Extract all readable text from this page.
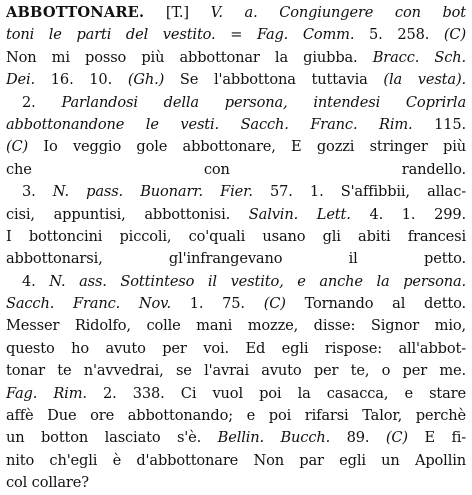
ABBOTTONARE. [T.] V. a. Congiungere con bot
toni le parti del vestito. = Fag. Comm. 5. 258. (C)
Non mi posso più abbottonar la giubba. Bracc. Sch.
Dei. 16. 10. (Gh.) Se l'abbottona tuttavia (la vesta).
2. Parlandosi della persona, intendesi Coprirla
abbottonandone le vesti. Sacch. Franc. Rim. 115.
(C) Io veggio gole abbottonare, E gozzi stringer più
che con randello.
3. N. pass. Buonarr. Fier. 57. 1. S'affibbii, allac-
cisi, appuntisi, abbottonisi. Salvin. Lett. 4. 1. 299.
I bottoncini piccoli, co'quali usano gli abiti francesi
abbottonarsi, gl'infrangevano il petto.
4. N. ass. Sottinteso il vestito, e anche la persona.
Sacch. Franc. Nov. 1. 75. (C) Tornando al detto.
Messer Ridolfo, colle mani mozze, disse: Signor mio,
questo ho avuto per voi. Ed egli rispose: all'abbot-
tonar te n'avvedrai, se l'avrai avuto per te, o per me.
Fag. Rim. 2. 338. Ci vuol poi la casacca, e stare
affè Due ore abbottonando; e poi rifarsi Talor, perchè
un botton lasciato s'è. Bellin. Bucch. 89. (C) E fi-
nito ch'egli è d'abbottonare Non par egli un Apollin
col collare?
